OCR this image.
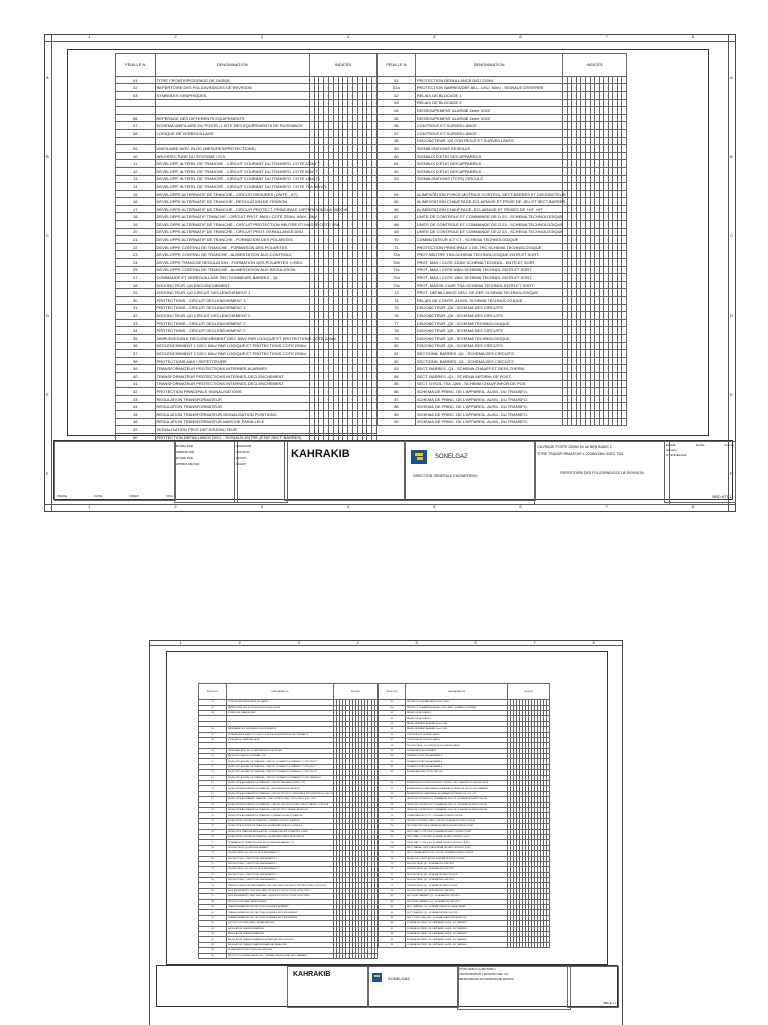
1	2	3	4	5	6	7	8
1	2	3	4	5	6	7	8
A
B
C
D
E
F
A
B
C
D
E
F
FEUILLE N	DENOMINATION	INDICES													
01	TITRE FRONTISPICE/PAGE DE GARDE														
02	REPERTOIRE DES FOLIOS/INDICES DE REVISION														
03	SYMBOLES GRAPHIQUES														

06	REPERAGE DES DIFFERENTS EQUIPEMENTS														
07	SCHEMA UNIFILAIRE DU POSTE / LISTE DES EQUIPEMENTS DE PUISSANCE														
08	LOGIQUE DE VERROUILLAGE														

09	UNIFILAIRE AVEC BLOC (MESURES/PROTECTIONS)														
10	ARCHITECTURE DU SYSTEME / ICS														
11	DEVELOPP. ALTERN. DE TRANCHE - CIRCUIT COURANT DU TRANSFO. COTE 220kV T														
12	DEVELOPP. ALTERN. DE TRANCHE - CIRCUIT COURANT DU TRANSFO. COTE 60kV T														
13	DEVELOPP. ALTERN. DE TRANCHE - CIRCUIT COURANT DU TRANSFO. COTE 15kV T1														
14	DEVELOPP. ALTERN. DE TRANCHE - CIRCUIT COURANT DU TRANSFO. COTE TSA 60kV/T														
15	DEVELOPPE ALTERNATIF DE TRANCHE - CIRCUIT MESURES (UNITE - KT)														
16	DEVELOPPE ALTERNATIF DE TRANCHE - REGULATION DE TENSION														
17	DEVELOPPE ALTERNATIF DE TRANCHE - CIRCUIT PROTECT. PRINCIPALE DIFFERENTIELLE+DEC+B														
18	DEVELOPPE ALTERNATIF TRANCHE - CIRCUIT PROT. MAX I COTE 220kV, 60kV, 15kV														
19	DEVELOPPE ALTERNATIF DE TRANCHE - CIRCUIT PROTECTION NEUTRE ET MASSE COTE TSA														
20	DEVELOPPE ALTERNATIF DE TRANCHE - CIRCUIT PROT. DEFAILLANCE DISJ														
21	DEVELOPPE ALTERNATIF DE TRANCHE - FORMATION DES POLARITES														
22	DEVELOPPE CONTINU DE TRANCHE - FORMATION DES POLARITES														
23	DEVELOPPE CONTINU DE TRANCHE - ALIMENTATION AUX.CONTROLE														
24	DEVELOPPE TRANCHE REGULATION - FORMATION DES POLARITES +/-REG														
25	DEVELOPPE CONTINU DE TRANCHE - ALIMENTATION AUX.REGULATION														
27	COMMANDE ET VERROUILLAGE SECTIONNEURS BARRES - Q1														
28	DISJONCTEUR -Q0 ENCLENCHEMENT														
29	DISJONCTEUR -Q0 CIRCUIT DECLENCHEMENT 1														
30	PROTECTIONS - CIRCUIT DECLENCHEMENT 1														
31	PROTECTIONS - CIRCUIT DECLENCHEMENT 1														
32	DISJONCTEUR -Q0 CIRCUIT DECLENCHEMENT 2														
33	PROTECTIONS - CIRCUIT DECLENCHEMENT 2														
34	PROTECTIONS - CIRCUIT DECLENCHEMENT 2														
35	SIMPLE/DOUBLE DECLENCHEMENT DISJ. 60kV PAR LOGIQUE ET PROTECTIONS COTE 220kV														
36	DECLENCHEMENT 1 DISJ. 60kV PAR LOGIQUE ET PROTECTIONS COTE 220kV														
37	DECLENCHEMENT 2 DISJ. 60kV PAR LOGIQUE ET PROTECTIONS COTE 220kV														
38	PROTECTIONS MAX I REPETITEURS														
39	TRANSFORMATEUR PROTECTIONS INTERNES-ALARMES														
40	TRANSFORMATEUR PROTECTIONS INTERNES-DECLENCHEMENT														
41	TRANSFORMATEUR PROTECTIONS INTERNES-DECLENCHEMENT														
42	PROTECTION PRINCIPALE SIGNALISATIONS														
43	REGULATION TRANSFORMATEUR														
44	REGULATION TRANSFORMATEUR														
45	REGULATION TRANSFORMATEUR-SIGNALISATION POSITIONS														
46	REGULATION TRANSFORMATEUR-MARCHE PARALLELE														
49	SIGNALISATION PROT.DEF.DISJONCTEUR														
50	PROTECTION DEFAILLANCE DISJ. - SIGNAUX ENTRE (ETAT SECT. BARRES)														
FEUILLE N	DENOMINATION	INDICES													
51	PROTECTION DEFAILLANCE DISJ 220kV														
51a	PROTECTION BARRES/DEF.AILL. DISJ. 60kV - SIGNAUX D'ENTREE														
52	RELAIS DE BLOCAGE 1														
53	RELAIS DE BLOCAGE 2														
54	REGROUPEMENT ALARME 2eme VOIE														
55	REGROUPEMENT ALARME 2eme VOIE														
56	CONTROLE ET SURVEILLANCE														
57	CONTROLE ET SURVEILLANCE														
58	DISJONCTEUR -Q0 CONTROLE ET SURVEILLANCE														
59	SIGNALISATIONS RESEAUX														
60	SIGNAUX D'ETAT DES APPAREILS														
61	SIGNAUX D'ETAT DES APPAREILS														
62	SIGNAUX D'ETAT DES APPAREILS														
63	SIGNALISATIONS (TCFS) CIRCULO														

64	ALIMENTATION FORCE MOTRICE CONTROL SECT.BARRES ET DISJONCTEUR														
65	ALIMENTATION CHAUFFAGE-ECLAIRAGE ET PRISE DE JEU ET SECT.BARRES														
66	ALIMENTATION CHAUFFAGE -ECLAIRAGE ET PRISES DE +HT +HT														
67	UNITE DE CONTROLE ET COMMANDE GE-D 23 - SCHEMA TECHNOLOGIQUE														
68	UNITE DE CONTROLE ET COMMANDE GE-D 23 - SCHEMA TECHNOLOGIQUE														
69	UNITE DE CONTROLE ET COMMANDE GE-D 23 - SCHEMA TECHNOLOGIQUE														
70	COMMUTATEUR ICT CT - SCHEMA TECHNOLOGIQUE														
71	PROTECTION PRINCIPALE 1 DE-TRC SCHEMA TECHNOLOGIQUE														
72a	PROT.NEUTRE TSA-SCHEMA TECHNOLOGIQUE ENTR.ET SORT.														
72b	PROT. MAX I COTE 220kV SCHEMA TECHNOL. ENTR.ET SORT.														
72c	PROT. MAX I COTE 60kV-SCHEMA TECHNOL.ENTR.ET SORT.														
72d	PROT. MAX I COTE 15kV SCHEMA TECHNOL.ENTR.ET SORT.														
72e	PROT. MASSE CUVE TSA-SCHEMA TECHNOL.ENTR.ET SORT.														
73	PROT. DEFAILLANCE DISJ. GE-DEF SCHEMA TECHNOLOGIQUE														
74	RELAIS DE CONTR. ALIGN. SCHEMA TECHNOLOGIQUE														
75	DISJONCTEUR -Q0 - SCHEMA DES CIRCUITS														
76	DISJONCTEUR -Q0 - SCHEMA DES CIRCUITS														
77	DISJONCTEUR -Q0 - SCHEMA TECHNOLOGIQUE														
78	DISJONCTEUR -Q0 - SCHEMA DES CIRCUITS														
79	DISJONCTEUR -Q0 - SCHEMA TECHNOLOGIQUE														
80	DISJONCTEUR -Q0 - SCHEMA DES CIRCUITS														
81	SECTIONN. BARRES -Q1 - SCHEMA DES CIRCUITS														
82	SECTIONN. BARRES -Q1 - SCHEMA DES CIRCUITS														
83	SECT. BARRES -Q1 - SCHEMA CHAUFF.ET DEFA.THERM.														
84	SECT. BARRES -Q1 - SCHEMA INFORM. DE POST.														
85	SECT. D'ISOL.TSA -Q66 - SCHEMA CHAUF.INFOR.DE POS.														
86	SCHEMA DE PRINC. DE L'APPAREIL. AUXIL. DU TRANSFO.														
87	SCHEMA DE PRINC. DE L'APPAREIL. AUXIL. DU TRANSFO.														
88	SCHEMA DE PRINC. DE L'APPAREIL. AUXIL. DU TRANSFO.														
89	SCHEMA DE PRINC. DE L'APPAREIL. AUXIL. DU TRANSFO.														
90	SCHEMA DE PRINC. DE L'APPAREIL. AUXIL. DU TRANSFO.														
INDICE	DATE	OBJET	VISA
ETABLI PAR
VERIFIE PAR
ETUDE PAR
APPROUVE PAR
KAHRAKIB
SAFOUAT
ACHRY
ACHRY
KAHRAKIB	SONELGAZ
DIRECTION GENERALE ENGINEERING
OUVRAGE POSTE 220/60 kV de BEN BADIS 2
TITRE TRANSFORMATEUR 1 220/60/15kV AVEC TSA
REPERTOIRE DES FOLIOS/INDICES DE REVISION
Echelle	Feuille	Format
Nombre
N° SONELGAZ
BBD-671 1
1	2	3	4	5	6	7	8
FEUILLE N	DENOMINATION	INDICES													
01	TITRE FRONTISPICE/PAGE DE GARDE														
02	REPERTOIRE DES FOLIOS/INDICES DE REVISION														
03	SYMBOLES GRAPHIQUES														

06	REPERAGE DES DIFFERENTS EQUIPEMENTS														
07	SCHEMA UNIFILAIRE DU POSTE / LISTE DES EQUIPEMENTS DE PUISSANCE														
08	LOGIQUE DE VERROUILLAGE														

09	UNIFILAIRE AVEC BLOC (MESURES/PROTECTIONS)														
10	ARCHITECTURE DU SYSTEME / ICS														
11	DEVELOPP. ALTERN. DE TRANCHE - CIRCUIT COURANT DU TRANSFO. COTE 220kV T														
12	DEVELOPP. ALTERN. DE TRANCHE - CIRCUIT COURANT DU TRANSFO. COTE 60kV T														
13	DEVELOPP. ALTERN. DE TRANCHE - CIRCUIT COURANT DU TRANSFO. COTE 15kV T1														
14	DEVELOPP. ALTERN. DE TRANCHE - CIRCUIT COURANT DU TRANSFO. COTE TSA 60kV/T														
15	DEVELOPPE ALTERNATIF DE TRANCHE - CIRCUIT MESURES (UNITE - KT)														
16	DEVELOPPE ALTERNATIF DE TRANCHE - REGULATION DE TENSION														
17	DEVELOPPE ALTERNATIF DE TRANCHE - CIRCUIT PROTECT. PRINCIPALE DIFFERENTIELLE+DEC+B														
18	DEVELOPPE ALTERNATIF TRANCHE - CIRCUIT PROT. MAX I COTE 220kV, 60kV, 15kV														
19	DEVELOPPE ALTERNATIF DE TRANCHE - CIRCUIT PROTECTION NEUTRE ET MASSE COTE TSA														
20	DEVELOPPE ALTERNATIF DE TRANCHE - CIRCUIT PROT. DEFAILLANCE DISJ														
21	DEVELOPPE ALTERNATIF DE TRANCHE - FORMATION DES POLARITES														
22	DEVELOPPE CONTINU DE TRANCHE - FORMATION DES POLARITES														
23	DEVELOPPE CONTINU DE TRANCHE - ALIMENTATION AUX.CONTROLE														
24	DEVELOPPE TRANCHE REGULATION - FORMATION DES POLARITES +/-REG														
25	DEVELOPPE CONTINU DE TRANCHE - ALIMENTATION AUX.REGULATION														
27	COMMANDE ET VERROUILLAGE SECTIONNEURS BARRES - Q1														
28	DISJONCTEUR -Q0 ENCLENCHEMENT														
29	DISJONCTEUR -Q0 CIRCUIT DECLENCHEMENT 1														
30	PROTECTIONS - CIRCUIT DECLENCHEMENT 1														
31	PROTECTIONS - CIRCUIT DECLENCHEMENT 1														
32	DISJONCTEUR -Q0 CIRCUIT DECLENCHEMENT 2														
33	PROTECTIONS - CIRCUIT DECLENCHEMENT 2														
34	PROTECTIONS - CIRCUIT DECLENCHEMENT 2														
35	SIMPLE/DOUBLE DECLENCHEMENT DISJ. 60kV PAR LOGIQUE ET PROTECTIONS COTE 220kV														
36	DECLENCHEMENT 1 DISJ. 60kV PAR LOGIQUE ET PROTECTIONS COTE 220kV														
37	DECLENCHEMENT 2 DISJ. 60kV PAR LOGIQUE ET PROTECTIONS COTE 220kV														
38	PROTECTIONS MAX I REPETITEURS														
39	TRANSFORMATEUR PROTECTIONS INTERNES-ALARMES														
40	TRANSFORMATEUR PROTECTIONS INTERNES-DECLENCHEMENT														
41	TRANSFORMATEUR PROTECTIONS INTERNES-DECLENCHEMENT														
42	PROTECTION PRINCIPALE SIGNALISATIONS														
43	REGULATION TRANSFORMATEUR														
44	REGULATION TRANSFORMATEUR														
45	REGULATION TRANSFORMATEUR-SIGNALISATION POSITIONS														
46	REGULATION TRANSFORMATEUR-MARCHE PARALLELE														
49	SIGNALISATION PROT.DEF.DISJONCTEUR														
50	PROTECTION DEFAILLANCE DISJ. - SIGNAUX ENTRE (ETAT SECT. BARRES)														
FEUILLE N	DENOMINATION	INDICES													
51	PROTECTION DEFAILLANCE DISJ 220kV														
51a	PROTECTION BARRES/DEF.AILL. DISJ. 60kV - SIGNAUX D'ENTREE														
52	RELAIS DE BLOCAGE 1														
53	RELAIS DE BLOCAGE 2														
54	REGROUPEMENT ALARME 2eme VOIE														
55	REGROUPEMENT ALARME 2eme VOIE														
56	CONTROLE ET SURVEILLANCE														
57	CONTROLE ET SURVEILLANCE														
58	DISJONCTEUR -Q0 CONTROLE ET SURVEILLANCE														
59	SIGNALISATIONS RESEAUX														
60	SIGNAUX D'ETAT DES APPAREILS														
61	SIGNAUX D'ETAT DES APPAREILS														
62	SIGNAUX D'ETAT DES APPAREILS														
63	SIGNALISATIONS (TCFS) CIRCULO														

64	ALIMENTATION FORCE MOTRICE CONTROL SECT.BARRES ET DISJONCTEUR														
65	ALIMENTATION CHAUFFAGE-ECLAIRAGE ET PRISE DE JEU ET SECT.BARRES														
66	ALIMENTATION CHAUFFAGE -ECLAIRAGE ET PRISES DE +HT +HT														
67	UNITE DE CONTROLE ET COMMANDE GE-D 23 - SCHEMA TECHNOLOGIQUE														
68	UNITE DE CONTROLE ET COMMANDE GE-D 23 - SCHEMA TECHNOLOGIQUE														
69	UNITE DE CONTROLE ET COMMANDE GE-D 23 - SCHEMA TECHNOLOGIQUE														
70	COMMUTATEUR ICT CT - SCHEMA TECHNOLOGIQUE														
71	PROTECTION PRINCIPALE 1 DE-TRC SCHEMA TECHNOLOGIQUE														
72a	PROT.NEUTRE TSA-SCHEMA TECHNOLOGIQUE ENTR.ET SORT.														
72b	PROT. MAX I COTE 220kV SCHEMA TECHNOL. ENTR.ET SORT.														
72c	PROT. MAX I COTE 60kV-SCHEMA TECHNOL.ENTR.ET SORT.														
72d	PROT. MAX I COTE 15kV SCHEMA TECHNOL.ENTR.ET SORT.														
72e	PROT. MASSE CUVE TSA-SCHEMA TECHNOL.ENTR.ET SORT.														
73	PROT. DEFAILLANCE DISJ. GE-DEF SCHEMA TECHNOLOGIQUE														
74	RELAIS DE CONTR. ALIGN. SCHEMA TECHNOLOGIQUE														
75	DISJONCTEUR -Q0 - SCHEMA DES CIRCUITS														
76	DISJONCTEUR -Q0 - SCHEMA DES CIRCUITS														
77	DISJONCTEUR -Q0 - SCHEMA TECHNOLOGIQUE														
78	DISJONCTEUR -Q0 - SCHEMA DES CIRCUITS														
79	DISJONCTEUR -Q0 - SCHEMA TECHNOLOGIQUE														
80	DISJONCTEUR -Q0 - SCHEMA DES CIRCUITS														
81	SECTIONN. BARRES -Q1 - SCHEMA DES CIRCUITS														
82	SECTIONN. BARRES -Q1 - SCHEMA DES CIRCUITS														
83	SECT. BARRES -Q1 - SCHEMA CHAUFF.ET DEFA.THERM.														
84	SECT. BARRES -Q1 - SCHEMA INFORM. DE POST.														
85	SECT. D'ISOL.TSA -Q66 - SCHEMA CHAUF.INFOR.DE POS.														
86	SCHEMA DE PRINC. DE L'APPAREIL. AUXIL. DU TRANSFO.														
87	SCHEMA DE PRINC. DE L'APPAREIL. AUXIL. DU TRANSFO.														
88	SCHEMA DE PRINC. DE L'APPAREIL. AUXIL. DU TRANSFO.														
89	SCHEMA DE PRINC. DE L'APPAREIL. AUXIL. DU TRANSFO.														
90	SCHEMA DE PRINC. DE L'APPAREIL. AUXIL. DU TRANSFO.														
KAHRAKIB
SONELGAZ
POSTE 220/60 kV de BEN BADIS 2
TRANSFORMATEUR 1 220/60/15kV AVEC TSA
REPERTOIRE DES FOLIOS/INDICES DE REVISION
BBD-671 1
